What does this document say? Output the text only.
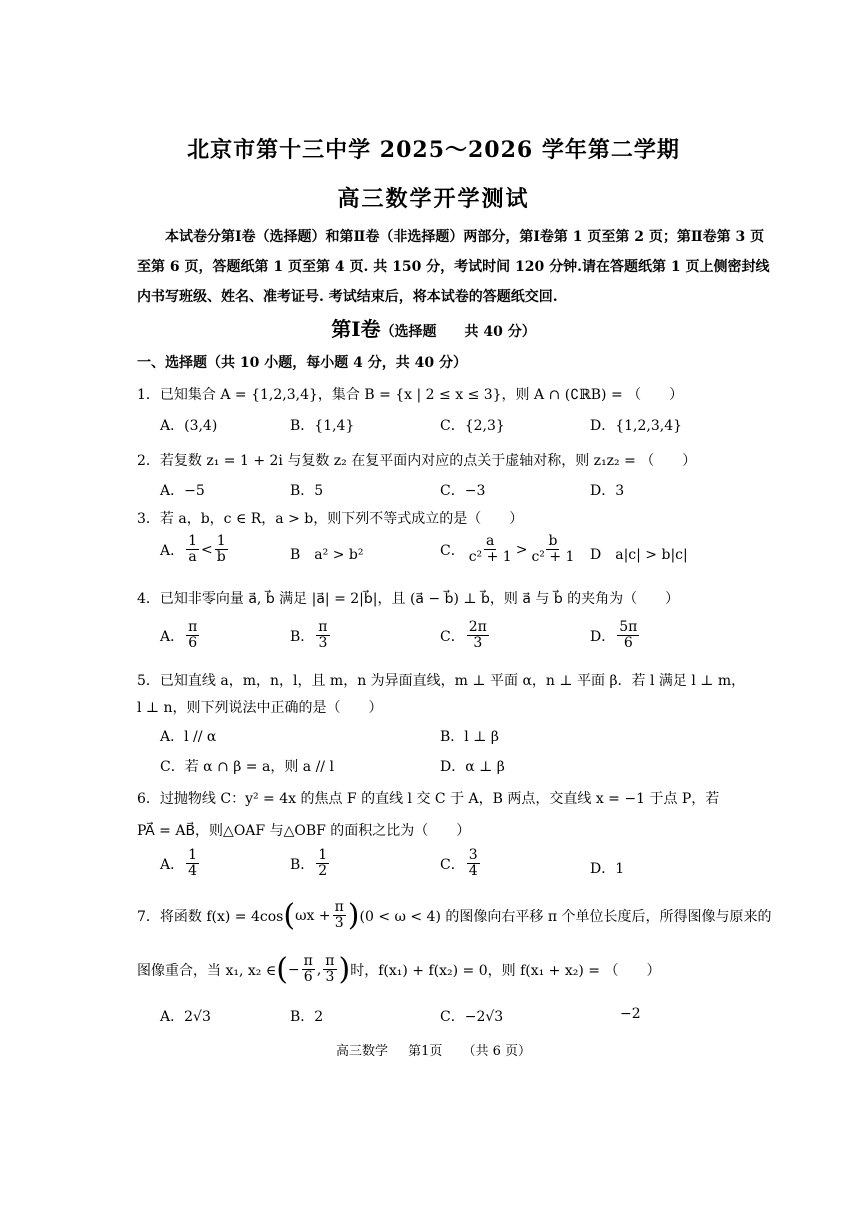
北京市第十三中学 2025～2026 学年第二学期
高三数学开学测试
本试卷分第Ⅰ卷（选择题）和第Ⅱ卷（非选择题）两部分，第Ⅰ卷第 1 页至第 2 页；第Ⅱ卷第 3 页至第 6 页，答题纸第 1 页至第 4 页. 共 150 分，考试时间 120 分钟.请在答题纸第 1 页上侧密封线内书写班级、姓名、准考证号. 考试结束后，将本试卷的答题纸交回.
第Ⅰ卷（选择题　　共 40 分）
一、选择题（共 10 小题，每小题 4 分，共 40 分）
1．已知集合 A = {1,2,3,4}，集合 B = {x | 2 ≤ x ≤ 3}，则 A ∩ (∁ℝB) = （　　）
A．(3,4)	B．{1,4}	C．{2,3}	D．{1,2,3,4}
2．若复数 z₁ = 1 + 2i 与复数 z₂ 在复平面内对应的点关于虚轴对称，则 z₁z₂ = （　　）
A．−5	B．5	C．−3	D．3
3．若 a，b，c ∈ R，a > b，则下列不等式成立的是（　　）
A． $\frac{1}{a} < \frac{1}{b}$	B　a² > b²	C． $\frac{a}{\text{c² + 1}} > \frac{b}{\text{c² + 1}}$ D　a|c| > b|c|
4．已知非零向量 a⃗, b⃗ 满足 |a⃗| = 2|b⃗|，且 (a⃗ − b⃗) ⊥ b⃗，则 a⃗ 与 b⃗ 的夹角为（　　）
A． $\frac{\pi}{6}$	B． $\frac{\pi}{3}$	C． $\frac{2\pi}{3}$	D． $\frac{5\pi}{6}$
5．已知直线 a，m，n，l，且 m，n 为异面直线，m ⊥ 平面 α，n ⊥ 平面 β．若 l 满足 l ⊥ m，
l ⊥ n，则下列说法中正确的是（　　）
A．l // α	B．l ⊥ β
C．若 α ∩ β = a，则 a // l	D．α ⊥ β
6．过抛物线 C：y² = 4x 的焦点 F 的直线 l 交 C 于 A，B 两点，交直线 x = −1 于点 P，若
PA⃗ = AB⃗，则△OAF 与△OBF 的面积之比为（　　）
A． $\frac{1}{4}$	B． $\frac{1}{2}$	C． $\frac{3}{4}$	D．1
7．将函数 f(x) = 4cos ( $\omega x + \frac{\pi}{3}$ ) (0 < ω < 4) 的图像向右平移 π 个单位长度后，所得图像与原来的
图像重合，当 x₁, x₂ ∈ ( − $\frac{\pi}{6}$ , $\frac{\pi}{3}$ ) 时，f(x₁) + f(x₂) = 0，则 f(x₁ + x₂) = （　　）
A．2√3	B．2	C．−2√3	−2
高三数学 第1页 （共 6 页）
